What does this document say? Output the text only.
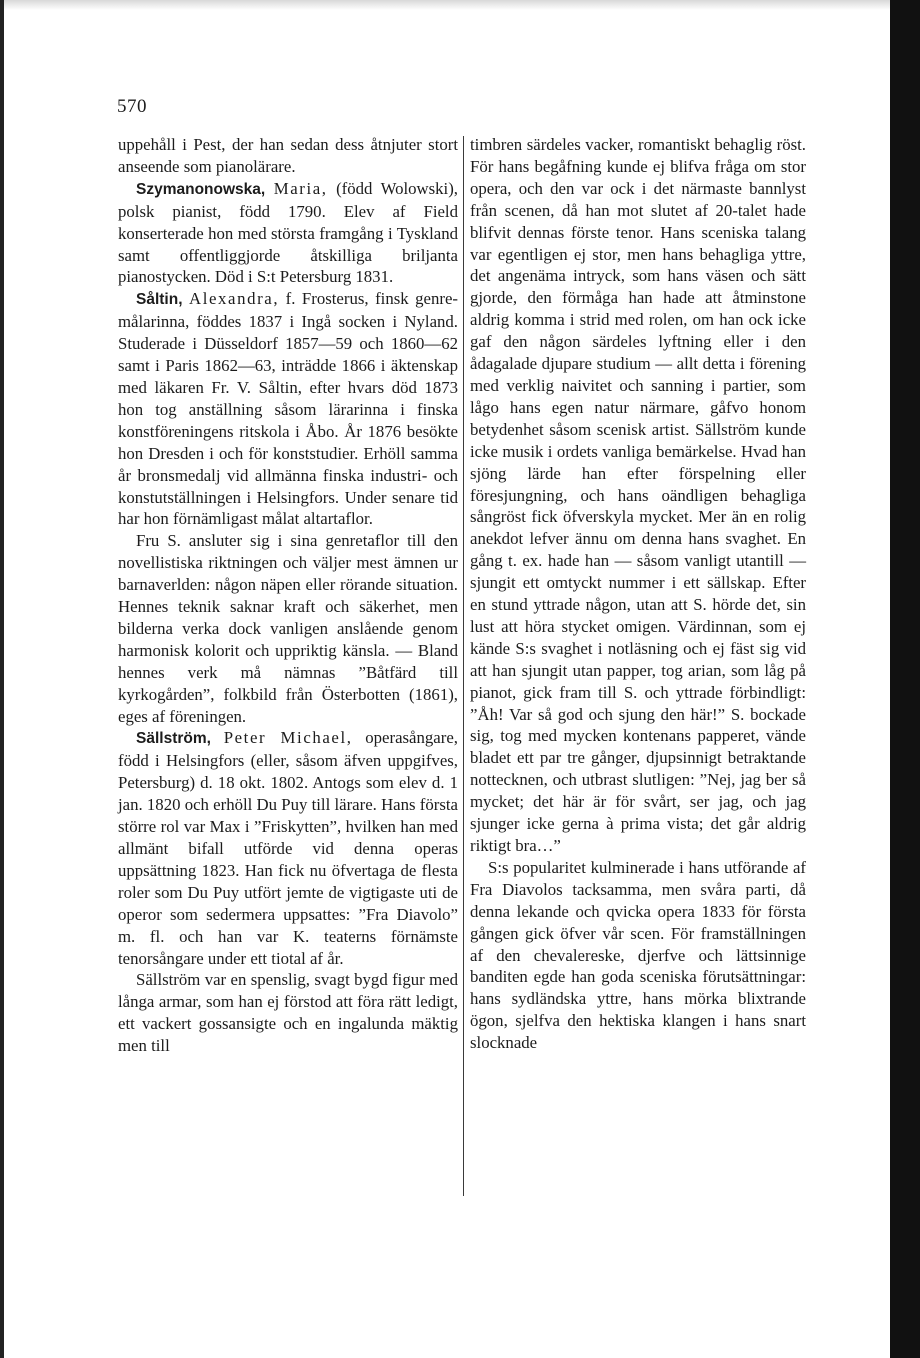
570

uppehåll i Pest, der han sedan dess åtnjuter stort anseende som pianolärare.

Szymanonowska, Maria, (född Wolowski), polsk pianist, född 1790. Elev af Field konserterade hon med största framgång i Tyskland samt offentliggjorde åtskilliga briljanta pianostycken. Död i S:t Petersburg 1831.

Såltin, Alexandra, f. Frosterus, finsk genre-målarinna, föddes 1837 i Ingå socken i Nyland. Studerade i Düsseldorf 1857—59 och 1860—62 samt i Paris 1862—63, inträdde 1866 i äktenskap med läkaren Fr. V. Såltin, efter hvars död 1873 hon tog anställning såsom lärarinna i finska konstföreningens ritskola i Åbo. År 1876 besökte hon Dresden i och för konststudier. Erhöll samma år bronsmedalj vid allmänna finska industri- och konstutställningen i Helsingfors. Under senare tid har hon förnämligast målat altartaflor.

Fru S. ansluter sig i sina genretaflor till den novellistiska riktningen och väljer mest ämnen ur barnaverlden: någon näpen eller rörande situation. Hennes teknik saknar kraft och säkerhet, men bilderna verka dock vanligen anslående genom harmonisk kolorit och uppriktig känsla. — Bland hennes verk må nämnas ”Båtfärd till kyrkogården”, folkbild från Österbotten (1861), eges af föreningen.

Sällström, Peter Michael, operasångare, född i Helsingfors (eller, såsom äfven uppgifves, Petersburg) d. 18 okt. 1802. Antogs som elev d. 1 jan. 1820 och erhöll Du Puy till lärare. Hans första större rol var Max i ”Friskytten”, hvilken han med allmänt bifall utförde vid denna operas uppsättning 1823. Han fick nu öfvertaga de flesta roler som Du Puy utfört jemte de vigtigaste uti de operor som sedermera uppsattes: ”Fra Diavolo” m. fl. och han var K. teaterns förnämste tenorsångare under ett tiotal af år.

Sällström var en spenslig, svagt bygd figur med långa armar, som han ej förstod att föra rätt ledigt, ett vackert gossansigte och en ingalunda mäktig men till

timbren särdeles vacker, romantiskt behaglig röst. För hans begåfning kunde ej blifva fråga om stor opera, och den var ock i det närmaste bannlyst från scenen, då han mot slutet af 20-talet hade blifvit dennas förste tenor. Hans sceniska talang var egentligen ej stor, men hans behagliga yttre, det angenäma intryck, som hans väsen och sätt gjorde, den förmåga han hade att åtminstone aldrig komma i strid med rolen, om han ock icke gaf den någon särdeles lyftning eller i den ådagalade djupare studium — allt detta i förening med verklig naivitet och sanning i partier, som lågo hans egen natur närmare, gåfvo honom betydenhet såsom scenisk artist. Sällström kunde icke musik i ordets vanliga bemärkelse. Hvad han sjöng lärde han efter förspelning eller föresjungning, och hans oändligen behagliga sångröst fick öfverskyla mycket. Mer än en rolig anekdot lefver ännu om denna hans svaghet. En gång t. ex. hade han — såsom vanligt utantill — sjungit ett omtyckt nummer i ett sällskap. Efter en stund yttrade någon, utan att S. hörde det, sin lust att höra stycket omigen. Värdinnan, som ej kände S:s svaghet i notläsning och ej fäst sig vid att han sjungit utan papper, tog arian, som låg på pianot, gick fram till S. och yttrade förbindligt: ”Åh! Var så god och sjung den här!” S. bockade sig, tog med mycken kontenans papperet, vände bladet ett par tre gånger, djupsinnigt betraktande nottecknen, och utbrast slutligen: ”Nej, jag ber så mycket; det här är för svårt, ser jag, och jag sjunger icke gerna à prima vista; det går aldrig riktigt bra…”

S:s popularitet kulminerade i hans utförande af Fra Diavolos tacksamma, men svåra parti, då denna lekande och qvicka opera 1833 för första gången gick öfver vår scen. För framställningen af den chevalereske, djerfve och lättsinnige banditen egde han goda sceniska förutsättningar: hans sydländska yttre, hans mörka blixtrande ögon, sjelfva den hektiska klangen i hans snart slocknade
